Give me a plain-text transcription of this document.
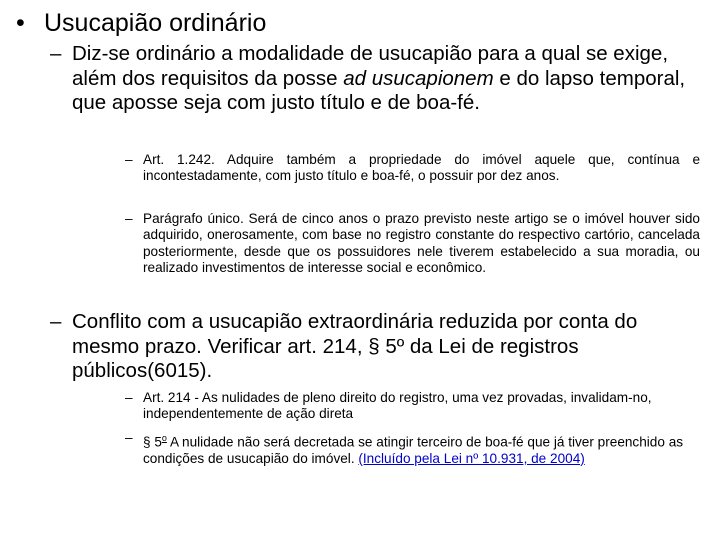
• Usucapião ordinário
– Diz-se ordinário a modalidade de usucapião para a qual se exige, além dos requisitos da posse ad usucapionem e do lapso temporal, que aposse seja com justo título e de boa-fé.
– Art. 1.242. Adquire também a propriedade do imóvel aquele que, contínua e incontestadamente, com justo título e boa-fé, o possuir por dez anos.
– Parágrafo único. Será de cinco anos o prazo previsto neste artigo se o imóvel houver sido adquirido, onerosamente, com base no registro constante do respectivo cartório, cancelada posteriormente, desde que os possuidores nele tiverem estabelecido a sua moradia, ou realizado investimentos de interesse social e econômico.
– Conflito com a usucapião extraordinária reduzida por conta do mesmo prazo. Verificar art. 214, § 5º da Lei de registros públicos(6015).
– Art. 214 - As nulidades de pleno direito do registro, uma vez provadas, invalidam-no, independentemente de ação direta
– § 5$^o$ A nulidade não será decretada se atingir terceiro de boa-fé que já tiver preenchido as condições de usucapião do imóvel. (Incluído pela Lei nº 10.931, de 2004)
